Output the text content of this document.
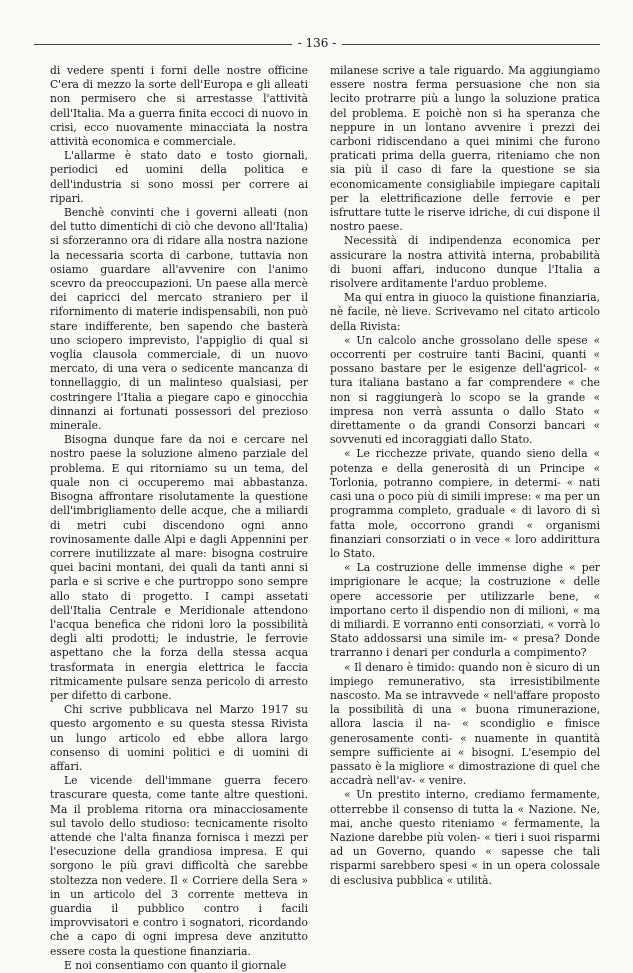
- 136 -

di vedere spenti i forni delle nostre officine C'era di mezzo la sorte dell'Europa e gli alleati non permisero che si arrestasse l'attività dell'Italia. Ma a guerra finita eccoci di nuovo in crisi, ecco nuovamente minacciata la nostra attività economica e commerciale.

L'allarme è stato dato e tosto giornali, periodici ed uomini della politica e dell'industria si sono mossi per correre ai ripari.

Benchè convinti che i governi alleati (non del tutto dimentichi di ciò che devono all'Italia) si sforzeranno ora di ridare alla nostra nazione la necessaria scorta di carbone, tuttavia non osiamo guardare all'avvenire con l'animo scevro da preoccupazioni. Un paese alla mercè dei capricci del mercato straniero per il rifornimento di materie indispensabili, non può stare indifferente, ben sapendo che basterà uno sciopero imprevisto, l'appiglio di qual si voglia clausola commerciale, di un nuovo mercato, di una vera o sedicente mancanza di tonnellaggio, di un malinteso qualsiasi, per costringere l'Italia a piegare capo e ginocchia dinnanzi ai fortunati possessori del prezioso minerale.

Bisogna dunque fare da noi e cercare nel nostro paese la soluzione almeno parziale del problema. E qui ritorniamo su un tema, del quale non ci occuperemo mai abbastanza. Bisogna affrontare risolutamente la questione dell'imbrigliamento delle acque, che a miliardi di metri cubi discendono ogni anno rovinosamente dalle Alpi e dagli Appennini per correre inutilizzate al mare: bisogna costruire quei bacini montani, dei quali da tanti anni si parla e si scrive e che purtroppo sono sempre allo stato di progetto. I campi assetati dell'Italia Centrale e Meridionale attendono l'acqua benefica che ridoni loro la possibilità degli alti prodotti; le industrie, le ferrovie aspettano che la forza della stessa acqua trasformata in energia elettrica le faccia ritmicamente pulsare senza pericolo di arresto per difetto di carbone.

Chi scrive pubblicava nel Marzo 1917 su questo argomento e su questa stessa Rivista un lungo articolo ed ebbe allora largo consenso di uomini politici e di uomini di affari.

Le vicende dell'immane guerra fecero trascurare questa, come tante altre questioni. Ma il problema ritorna ora minacciosamente sul tavolo dello studioso: tecnicamente risolto attende che l'alta finanza fornisca i mezzi per l'esecuzione della grandiosa impresa. E qui sorgono le più gravi difficoltà che sarebbe stoltezza non vedere. Il « Corriere della Sera » in un articolo del 3 corrente metteva in guardia il pubblico contro i facili improvvisatori e contro i sognatori, ricordando che a capo di ogni impresa deve anzitutto essere costa la questione finanziaria.

E noi consentiamo con quanto il giornale

milanese scrive a tale riguardo. Ma aggiungiamo essere nostra ferma persuasione che non sia lecito protrarre più a lungo la soluzione pratica del problema. E poichè non si ha speranza che neppure in un lontano avvenire i prezzi dei carboni ridiscendano a quei minimi che furono praticati prima della guerra, riteniamo che non sia più il caso di fare la questione se sia economicamente consigliabile impiegare capitali per la elettrificazione delle ferrovie e per isfruttare tutte le riserve idriche, di cui dispone il nostro paese.

Necessità di indipendenza economica per assicurare la nostra attività interna, probabilità di buoni affari, inducono dunque l'Italia a risolvere arditamente l'arduo probleme.

Ma qui entra in giuoco la quistione finanziaria, nè facile, nè lieve. Scrivevamo nel citato articolo della Rivista:

« Un calcolo anche grossolano delle spese « occorrenti per costruire tanti Bacini, quanti « possano bastare per le esigenze dell'agricol- « tura italiana bastano a far comprendere « che non si raggiungerà lo scopo se la grande « impresa non verrà assunta o dallo Stato « direttamente o da grandi Consorzi bancari « sovvenuti ed incoraggiati dallo Stato.

« Le ricchezze private, quando sieno della « potenza e della generosità di un Principe « Torlonia, potranno compiere, in determi- « nati casi una o poco più di simili imprese: « ma per un programma completo, graduale « di lavoro di sì fatta mole, occorrono grandi « organismi finanziari consorziati o in vece « loro addirittura lo Stato.

« La costruzione delle immense dighe « per imprigionare le acque; la costruzione « delle opere accessorie per utilizzarle bene, « importano certo il dispendio non di milioni, « ma di miliardi. E vorranno enti consorziati, « vorrà lo Stato addossarsi una simile im- « presa? Donde trarranno i denari per condurla a compimento?

« Il denaro è timido: quando non è sicuro di un impiego remunerativo, sta irresistibilmente nascosto. Ma se intravvede « nell'affare proposto la possibilità di una « buona rimunerazione, allora lascia il na- « scondiglio e finisce generosamente conti- « nuamente in quantità sempre sufficiente ai « bisogni. L'esempio del passato è la migliore « dimostrazione di quel che accadrà nell'av- « venire.

« Un prestito interno, crediamo fermamente, otterrebbe il consenso di tutta la « Nazione. Ne, mai, anche questo riteniamo « fermamente, la Nazione darebbe più volen- « tieri i suoi risparmi ad un Governo, quando « sapesse che tali risparmi sarebbero spesi « in un opera colossale di esclusiva pubblica « utilità.
